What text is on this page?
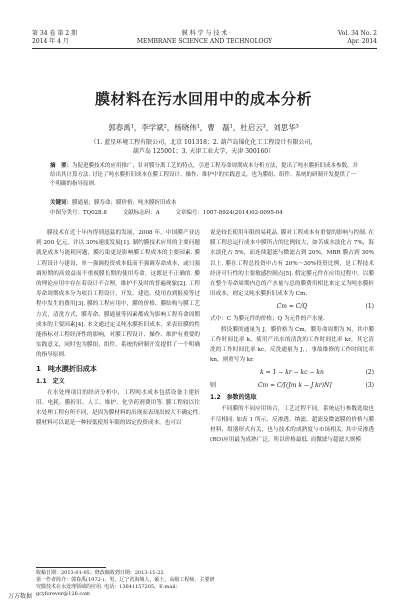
第 34 卷 第 2 期
2014 年 4 月
膜 科 学 与 技 术
MEMBRANE SCIENCE AND TECHNOLOGY
Vol. 34 No. 2
Apr. 2014
膜材料在污水回用中的成本分析
郭春禹¹，李学斌²，杨晓伟¹，曹　磊¹，杜启云³，刘思华³
（1. 蓝星环境工程有限公司，北京 101318；2. 葫芦岛锦化化工工程设计有限公司，
葫芦岛 125001；3. 天津工业大学，天津 300160）
摘　要：为促进膜技术的应用推广，针对膜分离工艺的特点，引进工程寿命周期成本分析方法，提出了吨水膜折旧成本参数，并给出其计算方法. 讨论了吨水膜折旧成本在膜工程设计、操作、维护中的实践意义，也为膜组、组件、系统的研制开发提供了一个明确的指导原则.
关键词：膜通量；膜寿命；膜价格；吨水膜折旧成本
中图分类号：TQ028.8	文献标志码：A	文章编号：1007-8924(2014)02-0095-04

膜技术在近十年内得到迅猛的发展，2008 年，中国膜产业达到 200 亿元，并以 30%速度发展[1]. 制约膜技术应用的主要问题就是成本与能耗问题，膜污染更是影响膜工程成本的主要因素. 膜工程设计与建设，单一强调投资成本低而不强调寿命成本，或只强调短期的高效益而不重视膜长期的使用寿命，这都是不正确的. 膜的理论应用中存在着设计不合理，维护不及时的普遍现象[2]. 工程寿命周期成本分为项目工程设计、开发、建造、使用直到报废等过程中发生的费用[3]. 膜的工程应用中，膜的价格、膜结构与膜工艺方式，清洗方式、膜寿命、膜通量等因素都成为影响工程寿命周期成本的主要因素[4]. 本文通过定义吨水膜折旧成本，来表征膜的性能指标对工程经济性的影响，对膜工程设计、操作、维护有重要的实践意义，同时也为膜组、组件、系统的研制开发提供了一个明确的指导原则.

1　吨水膜折旧成本
1.1　定义

在水处理项目的经济分析中，工程吨水成本包括设备主建折旧、电耗、膜折旧、人工、维护、化学药剂费用等. 膜工程较以往水处理工程有所不同，是因为膜材料的出现而表现出较大不确定性. 膜材料可以说是一种较低使用年限的固定投资成本，也可以

说是较长使用年限的易耗品. 膜对工程成本有重要的影响与控制. 在膜工程总运行成本中膜所占的比例较大，如苦咸水淡化占 7%，海水淡化占 5%，而连续超滤与微滤占到 20%，MBR 膜占到 30%以上. 膜在工程总投资中占有 20%～30%投资比例，是工程技术经济可行性的主要敏感控制点[5]. 假定膜元件在应用过程中，以膜在整个寿命周期内总的产水量与总的膜费用相比来定义为吨水膜折旧成本，则定义吨水膜折旧成本为 Cm：

Cm = C/Q	(1)

式中：C 为膜元件的价格；Q 为元件的产水量.

假设膜的通量为 J，膜价格为 Cm，膜寿命周期为 N，其中膜工作时间比率 k，使用产出水的清洗的工作时间比率 kr，其它清洗的工作时间比率 kc，反洗通量为 J，，事故维修的工作时间比率 kn，则重写为 kr.

k = 1 − kr − kc − kn	(2)
则	Cm = C/[(Jm k − J kr)N]	(3)
1.2　参数的选取

不同膜的不同应用场合，工艺过程不同，系统运行参数选取也不尽相同. 如表 1 所示，反渗透、纳滤、超滤及微滤膜的价格与膜材料、组器形式有关，也与技术的成熟度与市场相关. 其中反渗透(RO)应用最为成熟广泛，所以价格最低. 而微滤与超滤大规模

收稿日期：2013-01-05；修改稿收到日期：2013-11-22
第一作者简介：郭春禹(1972-)，男，辽宁省海城人，硕士，高级工程师，主要研究膜技术在水处理领域的应用. 电话：13641157205，E-mail：gcyforever@126.com
万方数据
